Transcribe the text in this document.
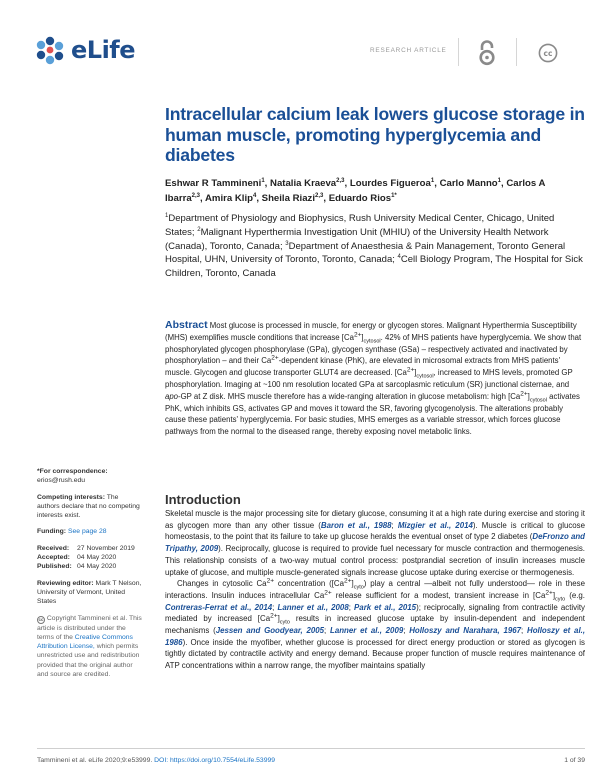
eLife	RESEARCH ARTICLE	cc
Intracellular calcium leak lowers glucose storage in human muscle, promoting hyperglycemia and diabetes
Eshwar R Tammineni$^1$, Natalia Kraeva$^{2,3}$, Lourdes Figueroa$^1$, Carlo Manno$^1$, Carlos A Ibarra$^{2,3}$, Amira Klip$^4$, Sheila Riazi$^{2,3}$, Eduardo Rios$^{1*}$
$^1$Department of Physiology and Biophysics, Rush University Medical Center, Chicago, United States; $^2$Malignant Hyperthermia Investigation Unit (MHIU) of the University Health Network (Canada), Toronto, Canada; $^3$Department of Anaesthesia & Pain Management, Toronto General Hospital, UHN, University of Toronto, Toronto, Canada; $^4$Cell Biology Program, The Hospital for Sick Children, Toronto, Canada
Abstract Most glucose is processed in muscle, for energy or glycogen stores. Malignant Hyperthermia Susceptibility (MHS) exemplifies muscle conditions that increase $[Ca^{2+}]_{cytosol}$. 42% of MHS patients have hyperglycemia. We show that phosphorylated glycogen phosphorylase (GPa), glycogen synthase (GSa) – respectively activated and inactivated by phosphorylation – and their $Ca^{2+}$-dependent kinase (PhK), are elevated in microsomal extracts from MHS patients' muscle. Glycogen and glucose transporter GLUT4 are decreased. $[Ca^{2+}]_{cytosol}$, increased to MHS levels, promoted GP phosphorylation. Imaging at ~100 nm resolution located GPa at sarcoplasmic reticulum (SR) junctional cisternae, and apo-GP at Z disk. MHS muscle therefore has a wide-ranging alteration in glucose metabolism: high $[Ca^{2+}]_{cytosol}$ activates PhK, which inhibits GS, activates GP and moves it toward the SR, favoring glycogenolysis. The alterations probably cause these patients' hyperglycemia. For basic studies, MHS emerges as a variable stressor, which forces glucose pathways from the normal to the diseased range, thereby exposing novel metabolic links.
*For correspondence:
erios@rush.edu
Competing interests: The authors declare that no competing interests exist.
Funding: See page 28
Received:	27 November 2019
Accepted:	04 May 2020
Published: 04 May 2020
Reviewing editor: Mark T Nelson, University of Vermont, United States
cc Copyright Tammineni et al. This article is distributed under the terms of the Creative Commons Attribution License, which permits unrestricted use and redistribution provided that the original author and source are credited.
Introduction

Skeletal muscle is the major processing site for dietary glucose, consuming it at a high rate during exercise and storing it as glycogen more than any other tissue (Baron et al., 1988; Mizgier et al., 2014). Muscle is critical to glucose homeostasis, to the point that its failure to take up glucose heralds the eventual onset of type 2 diabetes (DeFronzo and Tripathy, 2009). Reciprocally, glucose is required to provide fuel necessary for muscle contraction and thermogenesis. This relationship consists of a two-way mutual control process: postprandial secretion of insulin increases muscle uptake of glucose, and multiple muscle-generated signals increase glucose uptake during exercise or thermogenesis.

Changes in cytosolic $Ca^{2+}$ concentration $([Ca^{2+}]_{cyto})$ play a central —albeit not fully understood— role in these interactions. Insulin induces intracellular $Ca^{2+}$ release sufficient for a modest, transient increase in $[Ca^{2+}]_{cyto}$ (e.g. Contreras-Ferrat et al., 2014; Lanner et al., 2008; Park et al., 2015); reciprocally, signaling from contractile activity mediated by increased $[Ca^{2+}]_{cyto}$ results in increased glucose uptake by insulin-dependent and independent mechanisms (Jessen and Goodyear, 2005; Lanner et al., 2009; Holloszy and Narahara, 1967; Holloszy et al., 1986). Once inside the myofiber, whether glucose is processed for direct energy production or stored as glycogen is tightly dictated by contractile activity and energy demand. Because proper function of muscle requires maintenance of ATP concentrations within a narrow range, the myofiber maintains spatially

Tammineni et al. eLife 2020;9:e53999. DOI: https://doi.org/10.7554/eLife.53999	1 of 39
